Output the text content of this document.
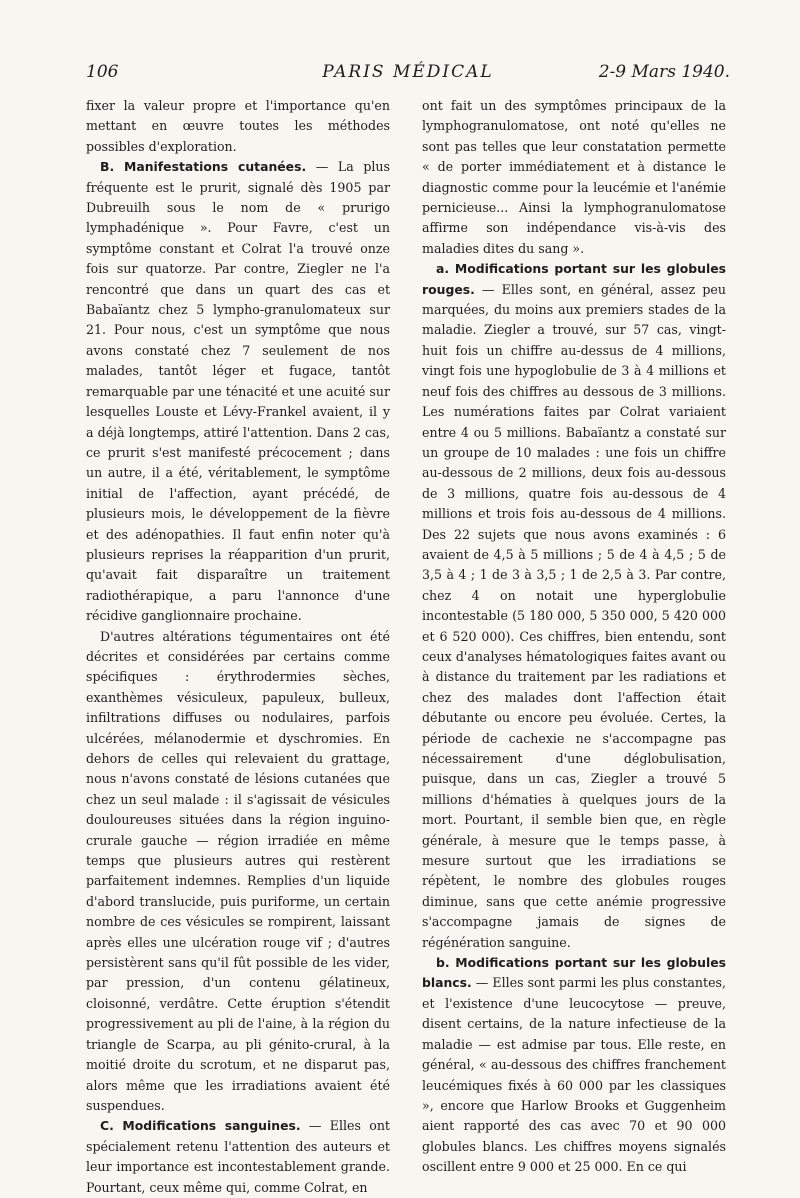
106	PARIS MÉDICAL	2-9 Mars 1940.

fixer la valeur propre et l'importance qu'en mettant en œuvre toutes les méthodes possibles d'exploration.

B. Manifestations cutanées. — La plus fréquente est le prurit, signalé dès 1905 par Dubreuilh sous le nom de « prurigo lymphadénique ». Pour Favre, c'est un symptôme constant et Colrat l'a trouvé onze fois sur quatorze. Par contre, Ziegler ne l'a rencontré que dans un quart des cas et Babaïantz chez 5 lympho-granulomateux sur 21. Pour nous, c'est un symptôme que nous avons constaté chez 7 seulement de nos malades, tantôt léger et fugace, tantôt remarquable par une ténacité et une acuité sur lesquelles Louste et Lévy-Frankel avaient, il y a déjà longtemps, attiré l'attention. Dans 2 cas, ce prurit s'est manifesté précocement ; dans un autre, il a été, véritablement, le symptôme initial de l'affection, ayant précédé, de plusieurs mois, le développement de la fièvre et des adénopathies. Il faut enfin noter qu'à plusieurs reprises la réapparition d'un prurit, qu'avait fait disparaître un traitement radiothérapique, a paru l'annonce d'une récidive ganglionnaire prochaine.

D'autres altérations tégumentaires ont été décrites et considérées par certains comme spécifiques : érythrodermies sèches, exanthèmes vésiculeux, papuleux, bulleux, infiltrations diffuses ou nodulaires, parfois ulcérées, mélanodermie et dyschromies. En dehors de celles qui relevaient du grattage, nous n'avons constaté de lésions cutanées que chez un seul malade : il s'agissait de vésicules douloureuses situées dans la région inguino-crurale gauche — région irradiée en même temps que plusieurs autres qui restèrent parfaitement indemnes. Remplies d'un liquide d'abord translucide, puis puriforme, un certain nombre de ces vésicules se rompirent, laissant après elles une ulcération rouge vif ; d'autres persistèrent sans qu'il fût possible de les vider, par pression, d'un contenu gélatineux, cloisonné, verdâtre. Cette éruption s'étendit progressivement au pli de l'aine, à la région du triangle de Scarpa, au pli génito-crural, à la moitié droite du scrotum, et ne disparut pas, alors même que les irradiations avaient été suspendues.

C. Modifications sanguines. — Elles ont spécialement retenu l'attention des auteurs et leur importance est incontestablement grande. Pourtant, ceux même qui, comme Colrat, en

ont fait un des symptômes principaux de la lymphogranulomatose, ont noté qu'elles ne sont pas telles que leur constatation permette « de porter immédiatement et à distance le diagnostic comme pour la leucémie et l'anémie pernicieuse... Ainsi la lymphogranulomatose affirme son indépendance vis-à-vis des maladies dites du sang ».

a. Modifications portant sur les globules rouges. — Elles sont, en général, assez peu marquées, du moins aux premiers stades de la maladie. Ziegler a trouvé, sur 57 cas, vingt-huit fois un chiffre au-dessus de 4 millions, vingt fois une hypoglobulie de 3 à 4 millions et neuf fois des chiffres au dessous de 3 millions. Les numérations faites par Colrat variaient entre 4 ou 5 millions. Babaïantz a constaté sur un groupe de 10 malades : une fois un chiffre au-dessous de 2 millions, deux fois au-dessous de 3 millions, quatre fois au-dessous de 4 millions et trois fois au-dessous de 4 millions. Des 22 sujets que nous avons examinés : 6 avaient de 4,5 à 5 millions ; 5 de 4 à 4,5 ; 5 de 3,5 à 4 ; 1 de 3 à 3,5 ; 1 de 2,5 à 3. Par contre, chez 4 on notait une hyperglobulie incontestable (5 180 000, 5 350 000, 5 420 000 et 6 520 000). Ces chiffres, bien entendu, sont ceux d'analyses hématologiques faites avant ou à distance du traitement par les radiations et chez des malades dont l'affection était débutante ou encore peu évoluée. Certes, la période de cachexie ne s'accompagne pas nécessairement d'une déglobulisation, puisque, dans un cas, Ziegler a trouvé 5 millions d'hématies à quelques jours de la mort. Pourtant, il semble bien que, en règle générale, à mesure que le temps passe, à mesure surtout que les irradiations se répètent, le nombre des globules rouges diminue, sans que cette anémie progressive s'accompagne jamais de signes de régénération sanguine.

b. Modifications portant sur les globules blancs. — Elles sont parmi les plus constantes, et l'existence d'une leucocytose — preuve, disent certains, de la nature infectieuse de la maladie — est admise par tous. Elle reste, en général, « au-dessous des chiffres franchement leucémiques fixés à 60 000 par les classiques », encore que Harlow Brooks et Guggenheim aient rapporté des cas avec 70 et 90 000 globules blancs. Les chiffres moyens signalés oscillent entre 9 000 et 25 000. En ce qui
